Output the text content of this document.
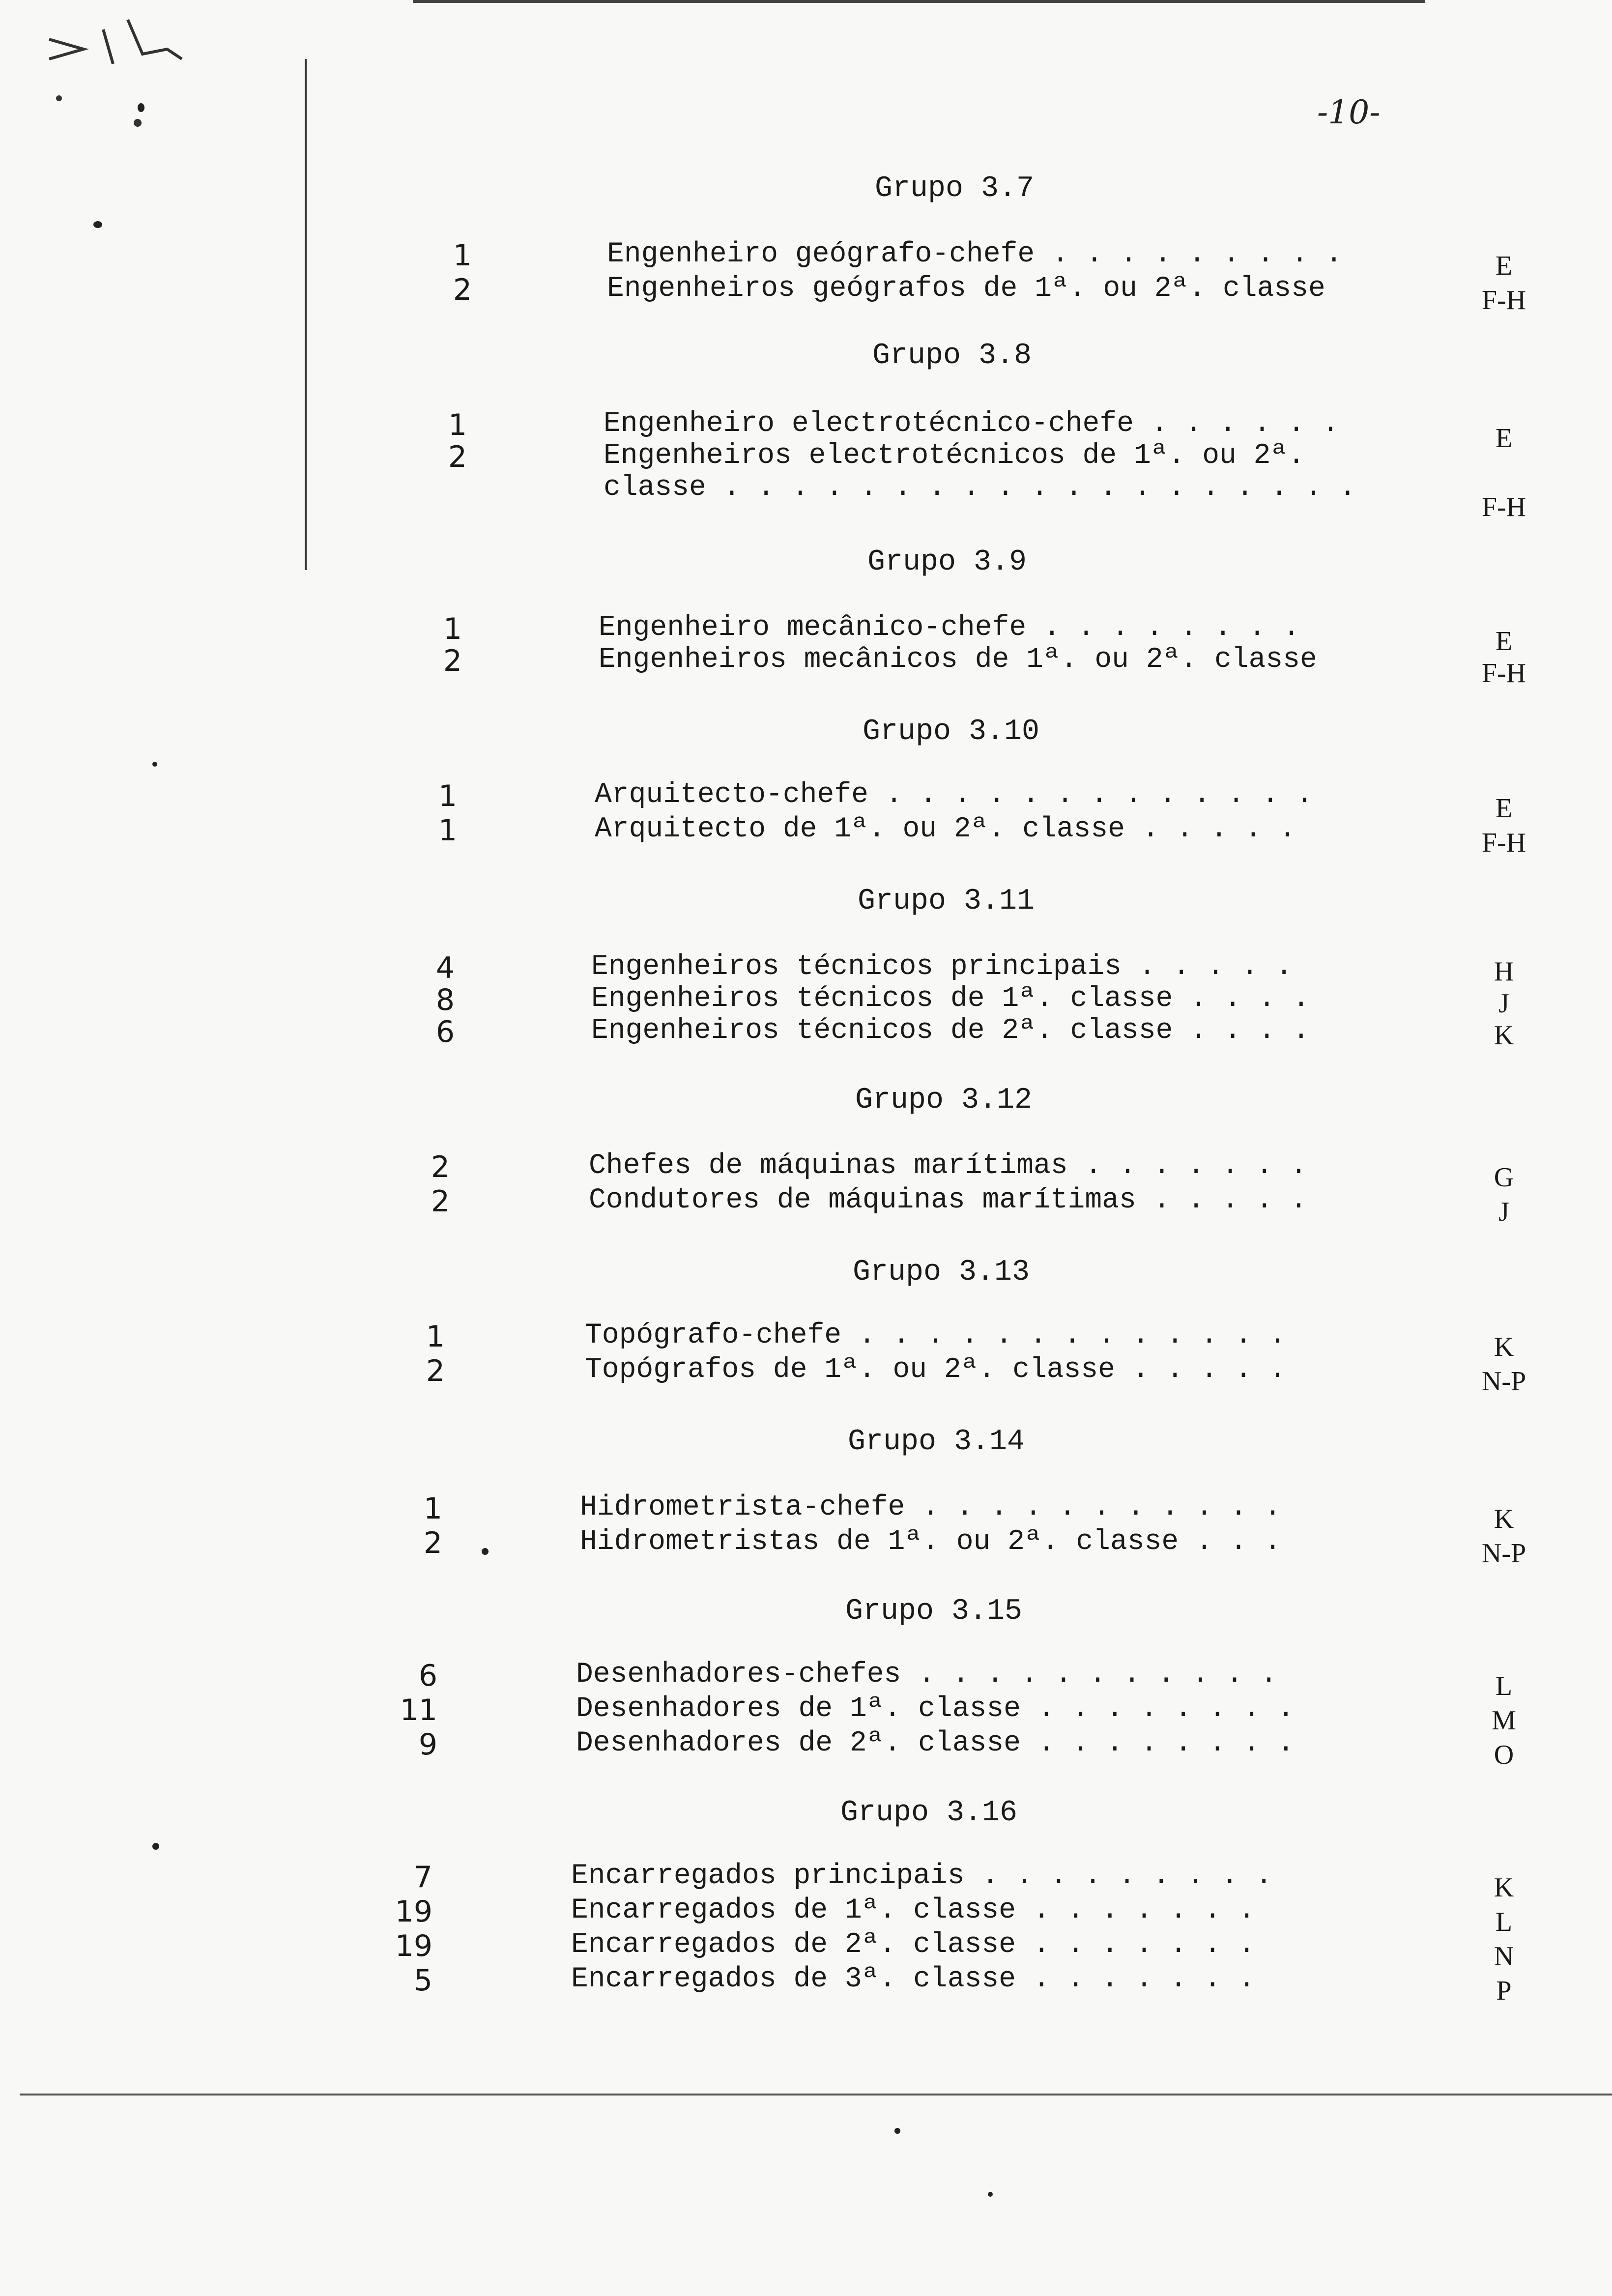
-10-
Grupo 3.7
1	Engenheiro geógrafo-chefe . . . . . . . . .	E
2	Engenheiros geógrafos de 1ª. ou 2ª. classe	F-H
Grupo 3.8
1	Engenheiro electrotécnico-chefe . . . . . .	E
2	Engenheiros electrotécnicos de 1ª. ou 2ª.
classe . . . . . . . . . . . . . . . . . . .
F-H
Grupo 3.9
1	Engenheiro mecânico-chefe . . . . . . . .	E
2	Engenheiros mecânicos de 1ª. ou 2ª. classe	F-H
Grupo 3.10
1	Arquitecto-chefe . . . . . . . . . . . . .	E
1	Arquitecto de 1ª. ou 2ª. classe . . . . .	F-H
Grupo 3.11
4	Engenheiros técnicos principais . . . . .	H
8	Engenheiros técnicos de 1ª. classe . . . .	J
6	Engenheiros técnicos de 2ª. classe . . . .	K
Grupo 3.12
2	Chefes de máquinas marítimas . . . . . . .	G
2	Condutores de máquinas marítimas . . . . .	J
Grupo 3.13
1	Topógrafo-chefe . . . . . . . . . . . . .	K
2	Topógrafos de 1ª. ou 2ª. classe . . . . .	N-P
Grupo 3.14
1	Hidrometrista-chefe . . . . . . . . . . .	K
2	Hidrometristas de 1ª. ou 2ª. classe . . .	N-P
Grupo 3.15
6	Desenhadores-chefes . . . . . . . . . . .	L
11	Desenhadores de 1ª. classe . . . . . . . .	M
9	Desenhadores de 2ª. classe . . . . . . . .	O
Grupo 3.16
7	Encarregados principais . . . . . . . . .	K
19	Encarregados de 1ª. classe . . . . . . .	L
19	Encarregados de 2ª. classe . . . . . . .	N
5	Encarregados de 3ª. classe . . . . . . .	P
